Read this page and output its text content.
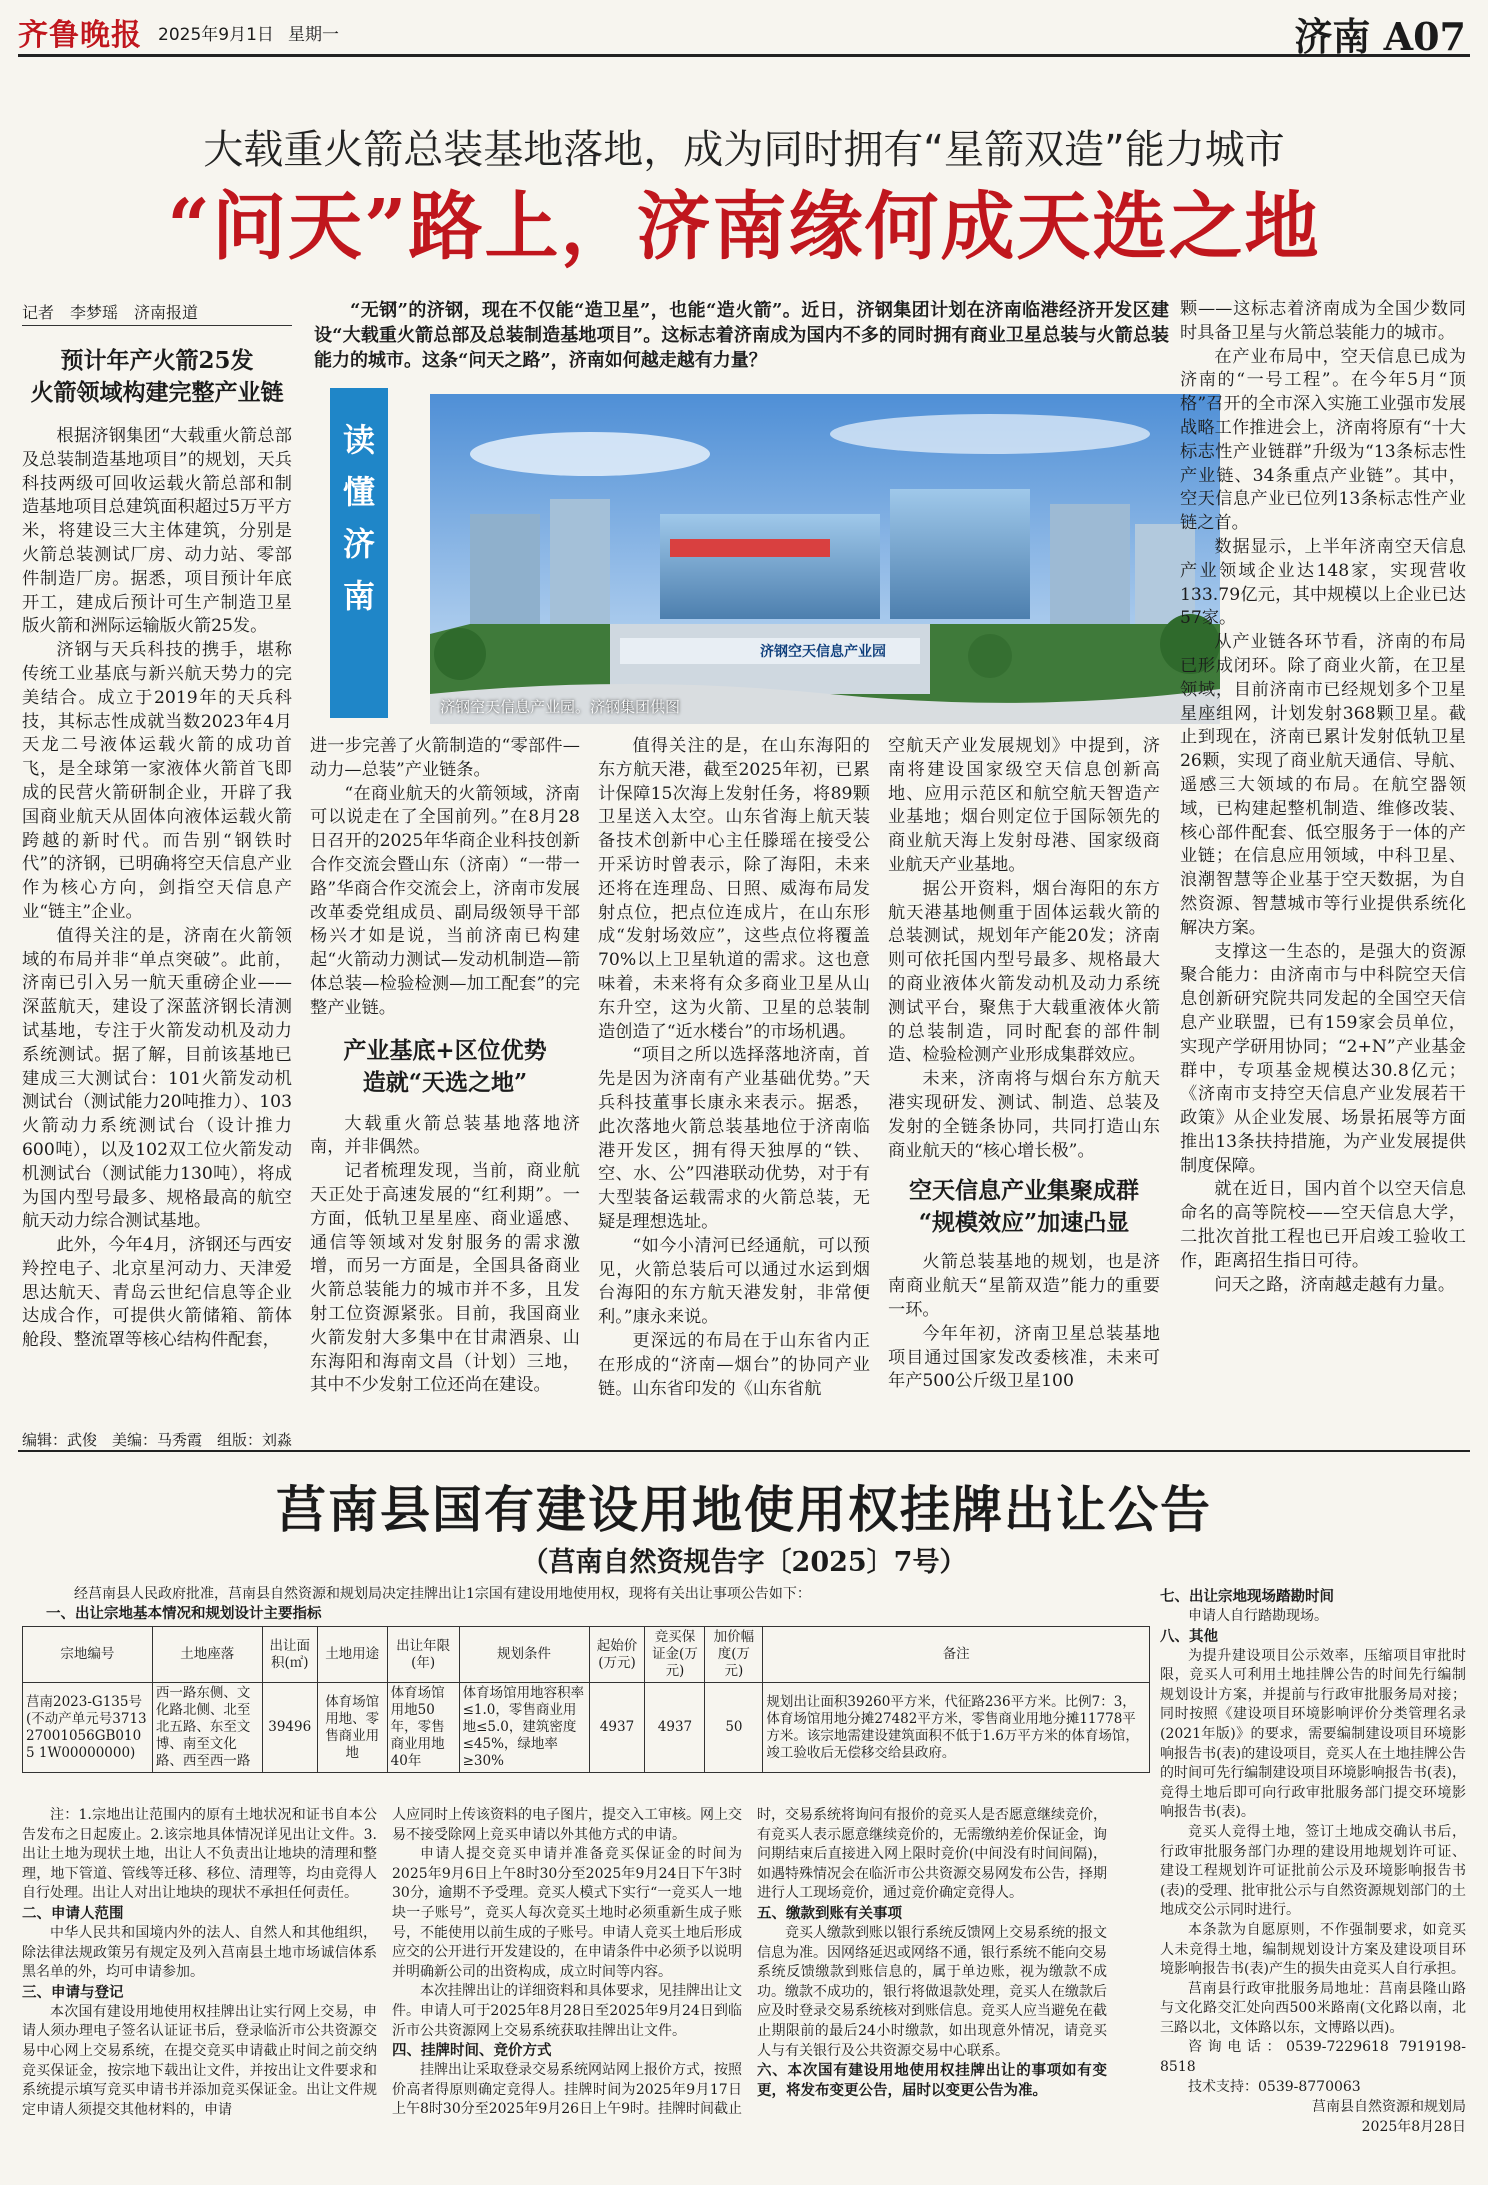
齐鲁晚报 2025年9月1日 星期一	济南 A07
大载重火箭总装基地落地，成为同时拥有“星箭双造”能力城市
“问天”路上，济南缘何成天选之地
记者　李梦瑶　济南报道	“无钢”的济钢，现在不仅能“造卫星”，也能“造火箭”。近日，济钢集团计划在济南临港经济开发区建设“大载重火箭总部及总装制造基地项目”。这标志着济南成为国内不多的同时拥有商业卫星总装与火箭总装能力的城市。这条“问天之路”，济南如何越走越有力量？
读
懂
济
南
济钢空天信息产业园
济钢空天信息产业园。济钢集团供图
预计年产火箭25发
火箭领域构建完整产业链

根据济钢集团“大载重火箭总部及总装制造基地项目”的规划，天兵科技两级可回收运载火箭总部和制造基地项目总建筑面积超过5万平方米，将建设三大主体建筑，分别是火箭总装测试厂房、动力站、零部件制造厂房。据悉，项目预计年底开工，建成后预计可生产制造卫星版火箭和洲际运输版火箭25发。

济钢与天兵科技的携手，堪称传统工业基底与新兴航天势力的完美结合。成立于2019年的天兵科技，其标志性成就当数2023年4月天龙二号液体运载火箭的成功首飞，是全球第一家液体火箭首飞即成的民营火箭研制企业，开辟了我国商业航天从固体向液体运载火箭跨越的新时代。而告别“钢铁时代”的济钢，已明确将空天信息产业作为核心方向，剑指空天信息产业“链主”企业。

值得关注的是，济南在火箭领域的布局并非“单点突破”。此前，济南已引入另一航天重磅企业——深蓝航天，建设了深蓝济钢长清测试基地，专注于火箭发动机及动力系统测试。据了解，目前该基地已建成三大测试台：101火箭发动机测试台（测试能力20吨推力）、103火箭动力系统测试台（设计推力600吨），以及102双工位火箭发动机测试台（测试能力130吨），将成为国内型号最多、规格最高的航空航天动力综合测试基地。

此外，今年4月，济钢还与西安羚控电子、北京星河动力、天津爱思达航天、青岛云世纪信息等企业达成合作，可提供火箭储箱、箭体舱段、整流罩等核心结构件配套，

进一步完善了火箭制造的“零部件—动力—总装”产业链条。

“在商业航天的火箭领域，济南可以说走在了全国前列。”在8月28日召开的2025年华商企业科技创新合作交流会暨山东（济南）“一带一路”华商合作交流会上，济南市发展改革委党组成员、副局级领导干部杨兴才如是说，当前济南已构建起“火箭动力测试—发动机制造—箭体总装—检验检测—加工配套”的完整产业链。

产业基底+区位优势
造就“天选之地”

大载重火箭总装基地落地济南，并非偶然。

记者梳理发现，当前，商业航天正处于高速发展的“红利期”。一方面，低轨卫星星座、商业遥感、通信等领域对发射服务的需求激增，而另一方面是，全国具备商业火箭总装能力的城市并不多，且发射工位资源紧张。目前，我国商业火箭发射大多集中在甘肃酒泉、山东海阳和海南文昌（计划）三地，其中不少发射工位还尚在建设。

值得关注的是，在山东海阳的东方航天港，截至2025年初，已累计保障15次海上发射任务，将89颗卫星送入太空。山东省海上航天装备技术创新中心主任滕瑶在接受公开采访时曾表示，除了海阳，未来还将在连理岛、日照、威海布局发射点位，把点位连成片，在山东形成“发射场效应”，这些点位将覆盖70%以上卫星轨道的需求。这也意味着，未来将有众多商业卫星从山东升空，这为火箭、卫星的总装制造创造了“近水楼台”的市场机遇。

“项目之所以选择落地济南，首先是因为济南有产业基础优势。”天兵科技董事长康永来表示。据悉，此次落地火箭总装基地位于济南临港开发区，拥有得天独厚的“铁、空、水、公”四港联动优势，对于有大型装备运载需求的火箭总装，无疑是理想选址。

“如今小清河已经通航，可以预见，火箭总装后可以通过水运到烟台海阳的东方航天港发射，非常便利。”康永来说。

更深远的布局在于山东省内正在形成的“济南—烟台”的协同产业链。山东省印发的《山东省航

空航天产业发展规划》中提到，济南将建设国家级空天信息创新高地、应用示范区和航空航天智造产业基地；烟台则定位于国际领先的商业航天海上发射母港、国家级商业航天产业基地。

据公开资料，烟台海阳的东方航天港基地侧重于固体运载火箭的总装测试，规划年产能20发；济南则可依托国内型号最多、规格最大的商业液体火箭发动机及动力系统测试平台，聚焦于大载重液体火箭的总装制造，同时配套的部件制造、检验检测产业形成集群效应。

未来，济南将与烟台东方航天港实现研发、测试、制造、总装及发射的全链条协同，共同打造山东商业航天的“核心增长极”。

空天信息产业集聚成群
“规模效应”加速凸显

火箭总装基地的规划，也是济南商业航天“星箭双造”能力的重要一环。

今年年初，济南卫星总装基地项目通过国家发改委核准，未来可年产500公斤级卫星100

颗——这标志着济南成为全国少数同时具备卫星与火箭总装能力的城市。

在产业布局中，空天信息已成为济南的“一号工程”。在今年5月“顶格”召开的全市深入实施工业强市发展战略工作推进会上，济南将原有“十大标志性产业链群”升级为“13条标志性产业链、34条重点产业链”。其中，空天信息产业已位列13条标志性产业链之首。

数据显示，上半年济南空天信息产业领域企业达148家，实现营收133.79亿元，其中规模以上企业已达57家。

从产业链各环节看，济南的布局已形成闭环。除了商业火箭，在卫星领域，目前济南市已经规划多个卫星星座组网，计划发射368颗卫星。截止到现在，济南已累计发射低轨卫星26颗，实现了商业航天通信、导航、遥感三大领域的布局。在航空器领域，已构建起整机制造、维修改装、核心部件配套、低空服务于一体的产业链；在信息应用领域，中科卫星、浪潮智慧等企业基于空天数据，为自然资源、智慧城市等行业提供系统化解决方案。

支撑这一生态的，是强大的资源聚合能力：由济南市与中科院空天信息创新研究院共同发起的全国空天信息产业联盟，已有159家会员单位，实现产学研用协同；“2+N”产业基金群中，专项基金规模达30.8亿元；《济南市支持空天信息产业发展若干政策》从企业发展、场景拓展等方面推出13条扶持措施，为产业发展提供制度保障。

就在近日，国内首个以空天信息命名的高等院校——空天信息大学，二批次首批工程也已开启竣工验收工作，距离招生指日可待。

问天之路，济南越走越有力量。

编辑：武俊　美编：马秀霞　组版：刘淼
莒南县国有建设用地使用权挂牌出让公告
（莒南自然资规告字〔2025〕7号）
经莒南县人民政府批准，莒南县自然资源和规划局决定挂牌出让1宗国有建设用地使用权，现将有关出让事项公告如下：
一、出让宗地基本情况和规划设计主要指标
宗地编号	土地座落	出让面积(㎡)	土地用途	出让年限(年)	规划条件	起始价(万元)	竞买保证金(万元)	加价幅度(万元)	备注
莒南2023-G135号(不动产单元号371327001056GB0105 1W00000000)	西一路东侧、文化路北侧、北至北五路、东至文博、南至文化路、西至西一路	39496	体育场馆用地、零售商业用地	体育场馆用地50年，零售商业用地40年	体育场馆用地容积率≤1.0，零售商业用地≤5.0，建筑密度≤45%，绿地率≥30%	4937	4937	50	规划出让面积39260平方米，代征路236平方米。比例7：3，体育场馆用地分摊27482平方米，零售商业用地分摊11778平方米。该宗地需建设建筑面积不低于1.6万平方米的体育场馆，竣工验收后无偿移交给县政府。

注：1.宗地出让范围内的原有土地状况和证书自本公告发布之日起废止。2.该宗地具体情况详见出让文件。3.出让土地为现状土地，出让人不负责出让地块的清理和整理，地下管道、管线等迁移、移位、清理等，均由竞得人自行处理。出让人对出让地块的现状不承担任何责任。

二、申请人范围

中华人民共和国境内外的法人、自然人和其他组织，除法律法规政策另有规定及列入莒南县土地市场诚信体系黑名单的外，均可申请参加。

三、申请与登记

本次国有建设用地使用权挂牌出让实行网上交易，申请人须办理电子签名认证证书后，登录临沂市公共资源交易中心网上交易系统，在提交竞买申请截止时间之前交纳竞买保证金，按宗地下载出让文件，并按出让文件要求和系统提示填写竞买申请书并添加竞买保证金。出让文件规定申请人须提交其他材料的，申请

人应同时上传该资料的电子图片，提交入工审核。网上交易不接受除网上竞买申请以外其他方式的申请。

申请人提交竞买申请并准备竞买保证金的时间为2025年9月6日上午8时30分至2025年9月24日下午3时30分，逾期不予受理。竞买人模式下实行“一竞买人一地块一子账号”，竞买人每次竞买土地时必须重新生成子账号，不能使用以前生成的子账号。申请人竞买土地后形成应交的公开进行开发建设的，在申请条件中必须予以说明并明确新公司的出资构成，成立时间等内容。

本次挂牌出让的详细资料和具体要求，见挂牌出让文件。申请人可于2025年8月28日至2025年9月24日到临沂市公共资源网上交易系统获取挂牌出让文件。

四、挂牌时间、竞价方式

挂牌出让采取登录交易系统网站网上报价方式，按照价高者得原则确定竞得人。挂牌时间为2025年9月17日上午8时30分至2025年9月26日上午9时。挂牌时间截止

时，交易系统将询问有报价的竞买人是否愿意继续竞价，有竞买人表示愿意继续竞价的，无需缴纳差价保证金，询问期结束后直接进入网上限时竞价(中间没有时间间隔)，如遇特殊情况会在临沂市公共资源交易网发布公告，择期进行人工现场竞价，通过竞价确定竞得人。

五、缴款到账有关事项

竞买人缴款到账以银行系统反馈网上交易系统的报文信息为准。因网络延迟或网络不通，银行系统不能向交易系统反馈缴款到账信息的，属于单边账，视为缴款不成功。缴款不成功的，银行将做退款处理，竞买人在缴款后应及时登录交易系统核对到账信息。竞买人应当避免在截止期限前的最后24小时缴款，如出现意外情况，请竞买人与有关银行及公共资源交易中心联系。

六、本次国有建设用地使用权挂牌出让的事项如有变更，将发布变更公告，届时以变更公告为准。
七、出让宗地现场踏勘时间

申请人自行踏勘现场。

八、其他

为提升建设项目公示效率，压缩项目审批时限，竞买人可利用土地挂牌公告的时间先行编制规划设计方案，并提前与行政审批服务局对接；同时按照《建设项目环境影响评价分类管理名录(2021年版)》的要求，需要编制建设项目环境影响报告书(表)的建设项目，竞买人在土地挂牌公告的时间可先行编制建设项目环境影响报告书(表)，竞得土地后即可向行政审批服务部门提交环境影响报告书(表)。

竞买人竞得土地，签订土地成交确认书后，行政审批服务部门办理的建设用地规划许可证、建设工程规划许可证批前公示及环境影响报告书(表)的受理、批审批公示与自然资源规划部门的土地成交公示同时进行。

本条款为自愿原则，不作强制要求，如竞买人未竞得土地，编制规划设计方案及建设项目环境影响报告书(表)产生的损失由竞买人自行承担。

莒南县行政审批服务局地址：莒南县隆山路与文化路交汇处向西500米路南(文化路以南，北三路以北，文体路以东，文博路以西)。

咨询电话：0539-7229618 7919198-8518

技术支持：0539-8770063

莒南县自然资源和规划局
2025年8月28日
